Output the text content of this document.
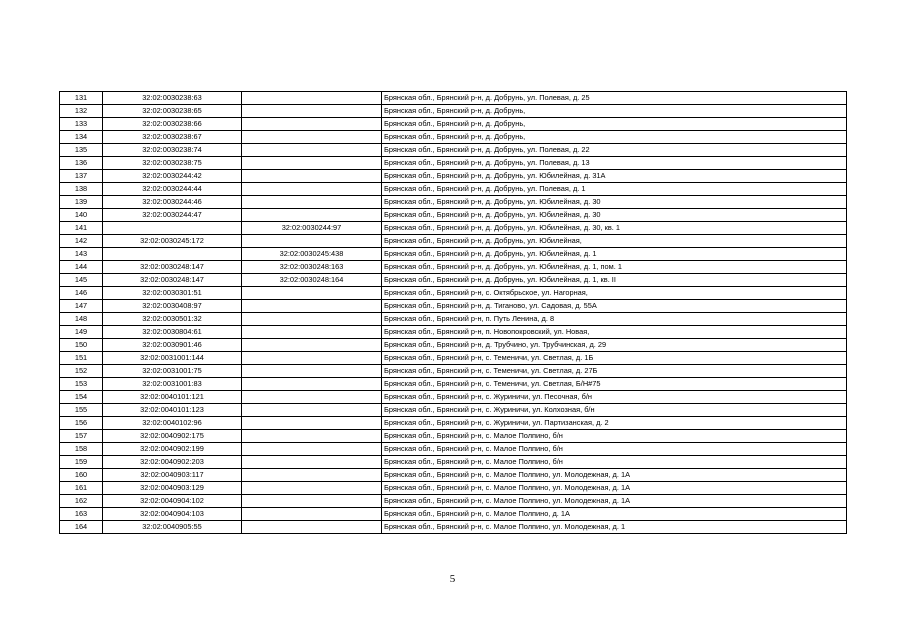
131	32:02:0030238:63		Брянская обл., Брянский р-н, д. Добрунь, ул. Полевая, д. 25
132	32:02:0030238:65		Брянская обл., Брянский р-н, д. Добрунь,
133	32:02:0030238:66		Брянская обл., Брянский р-н, д. Добрунь,
134	32:02:0030238:67		Брянская обл., Брянский р-н, д. Добрунь,
135	32:02:0030238:74		Брянская обл., Брянский р-н, д. Добрунь, ул. Полевая, д. 22
136	32:02:0030238:75		Брянская обл., Брянский р-н, д. Добрунь, ул. Полевая, д. 13
137	32:02:0030244:42		Брянская обл., Брянский р-н, д. Добрунь, ул. Юбилейная, д. 31А
138	32:02:0030244:44		Брянская обл., Брянский р-н, д. Добрунь, ул. Полевая, д. 1
139	32:02:0030244:46		Брянская обл., Брянский р-н, д. Добрунь, ул. Юбилейная, д. 30
140	32:02:0030244:47		Брянская обл., Брянский р-н, д. Добрунь, ул. Юбилейная, д. 30
141		32:02:0030244:97	Брянская обл., Брянский р-н, д. Добрунь, ул. Юбилейная, д. 30, кв. 1
142	32:02:0030245:172		Брянская обл., Брянский р-н, д. Добрунь, ул. Юбилейная,
143		32:02:0030245:438	Брянская обл., Брянский р-н, д. Добрунь, ул. Юбилейная, д. 1
144	32:02:0030248:147	32:02:0030248:163	Брянская обл., Брянский р-н, д. Добрунь, ул. Юбилейная, д. 1, пом. 1
145	32:02:0030248:147	32:02:0030248:164	Брянская обл., Брянский р-н, д. Добрунь, ул. Юбилейная, д. 1, кв. II
146	32:02:0030301:51		Брянская обл., Брянский р-н, с. Октябрьское, ул. Нагорная,
147	32:02:0030408:97		Брянская обл., Брянский р-н, д. Тиганово, ул. Садовая, д. 55А
148	32:02:0030501:32		Брянская обл., Брянский р-н, п. Путь Ленина, д. 8
149	32:02:0030804:61		Брянская обл., Брянский р-н, п. Новопокровский, ул. Новая,
150	32:02:0030901:46		Брянская обл., Брянский р-н, д. Трубчино, ул. Трубчинская, д. 29
151	32:02:0031001:144		Брянская обл., Брянский р-н, с. Теменичи, ул. Светлая, д. 1Б
152	32:02:0031001:75		Брянская обл., Брянский р-н, с. Теменичи, ул. Светлая, д. 27Б
153	32:02:0031001:83		Брянская обл., Брянский р-н, с. Теменичи, ул. Светлая, Б/Н#75
154	32:02:0040101:121		Брянская обл., Брянский р-н, с. Журиничи, ул. Песочная, б/н
155	32:02:0040101:123		Брянская обл., Брянский р-н, с. Журиничи, ул. Колхозная, б/н
156	32:02:0040102:96		Брянская обл., Брянский р-н, с. Журиничи, ул. Партизанская, д. 2
157	32:02:0040902:175		Брянская обл., Брянский р-н, с. Малое Полпино, б/н
158	32:02:0040902:199		Брянская обл., Брянский р-н, с. Малое Полпино, б/н
159	32:02:0040902:203		Брянская обл., Брянский р-н, с. Малое Полпино, б/н
160	32:02:0040903:117		Брянская обл., Брянский р-н, с. Малое Полпино, ул. Молодежная, д. 1А
161	32:02:0040903:129		Брянская обл., Брянский р-н, с. Малое Полпино, ул. Молодежная, д. 1А
162	32:02:0040904:102		Брянская обл., Брянский р-н, с. Малое Полпино, ул. Молодежная, д. 1А
163	32:02:0040904:103		Брянская обл., Брянский р-н, с. Малое Полпино, д. 1А
164	32:02:0040905:55		Брянская обл., Брянский р-н, с. Малое Полпино, ул. Молодежная, д. 1
5
